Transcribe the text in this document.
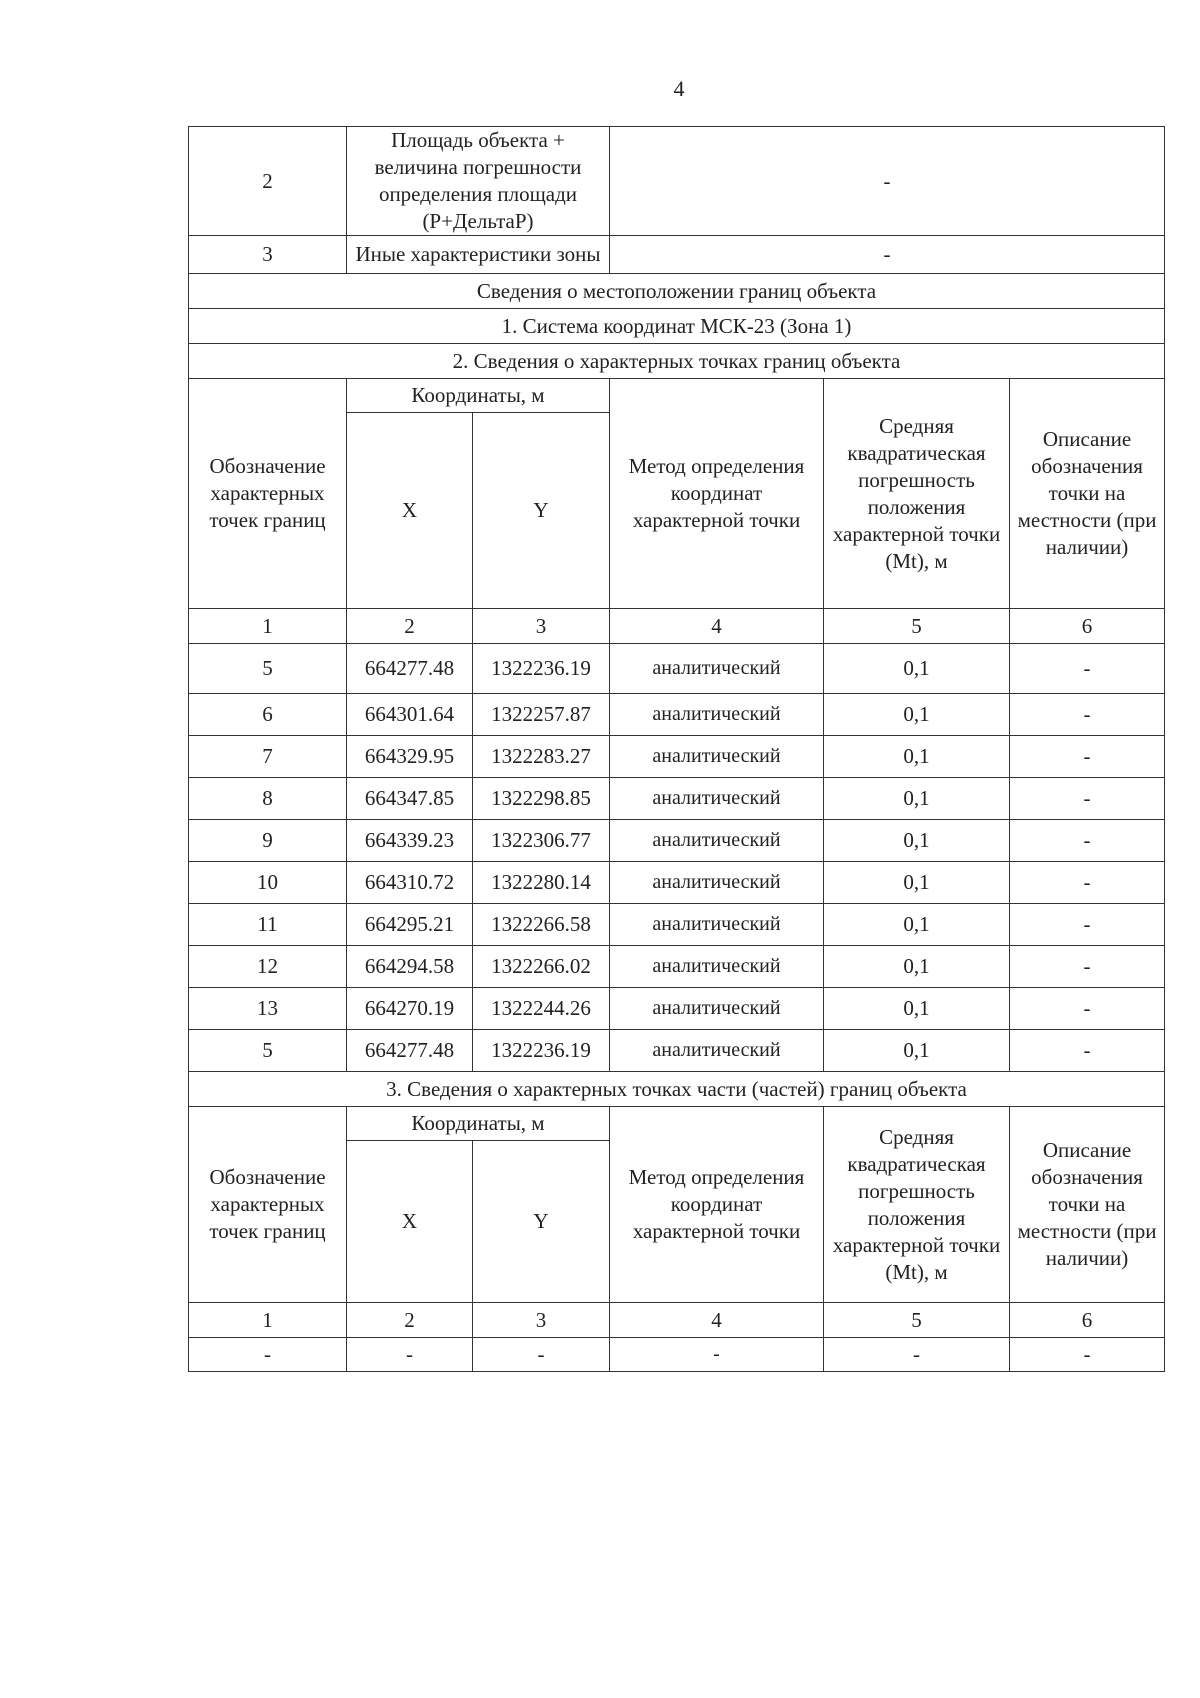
4
2	Площадь объекта + величина погрешности определения площади (P+ДельтаP)		-		
3	Иные характеристики зоны		-		
Сведения о местоположении границ объекта					
1. Система координат МСК-23 (Зона 1)					
2. Сведения о характерных точках границ объекта					
Обозначение характерных точек границ	Координаты, м		Метод определения координат характерной точки	Средняя квадратическая погрешность положения характерной точки (Mt), м	Описание обозначения точки на местности (при наличии)
	X	Y			
1	2	3	4	5	6
5	664277.48	1322236.19	аналитический	0,1	-
6	664301.64	1322257.87	аналитический	0,1	-
7	664329.95	1322283.27	аналитический	0,1	-
8	664347.85	1322298.85	аналитический	0,1	-
9	664339.23	1322306.77	аналитический	0,1	-
10	664310.72	1322280.14	аналитический	0,1	-
11	664295.21	1322266.58	аналитический	0,1	-
12	664294.58	1322266.02	аналитический	0,1	-
13	664270.19	1322244.26	аналитический	0,1	-
5	664277.48	1322236.19	аналитический	0,1	-
3. Сведения о характерных точках части (частей) границ объекта					
Обозначение характерных точек границ	Координаты, м		Метод определения координат характерной точки	Средняя квадратическая погрешность положения характерной точки (Mt), м	Описание обозначения точки на местности (при наличии)
	X	Y			
1	2	3	4	5	6
-	-	-	-	-	-
